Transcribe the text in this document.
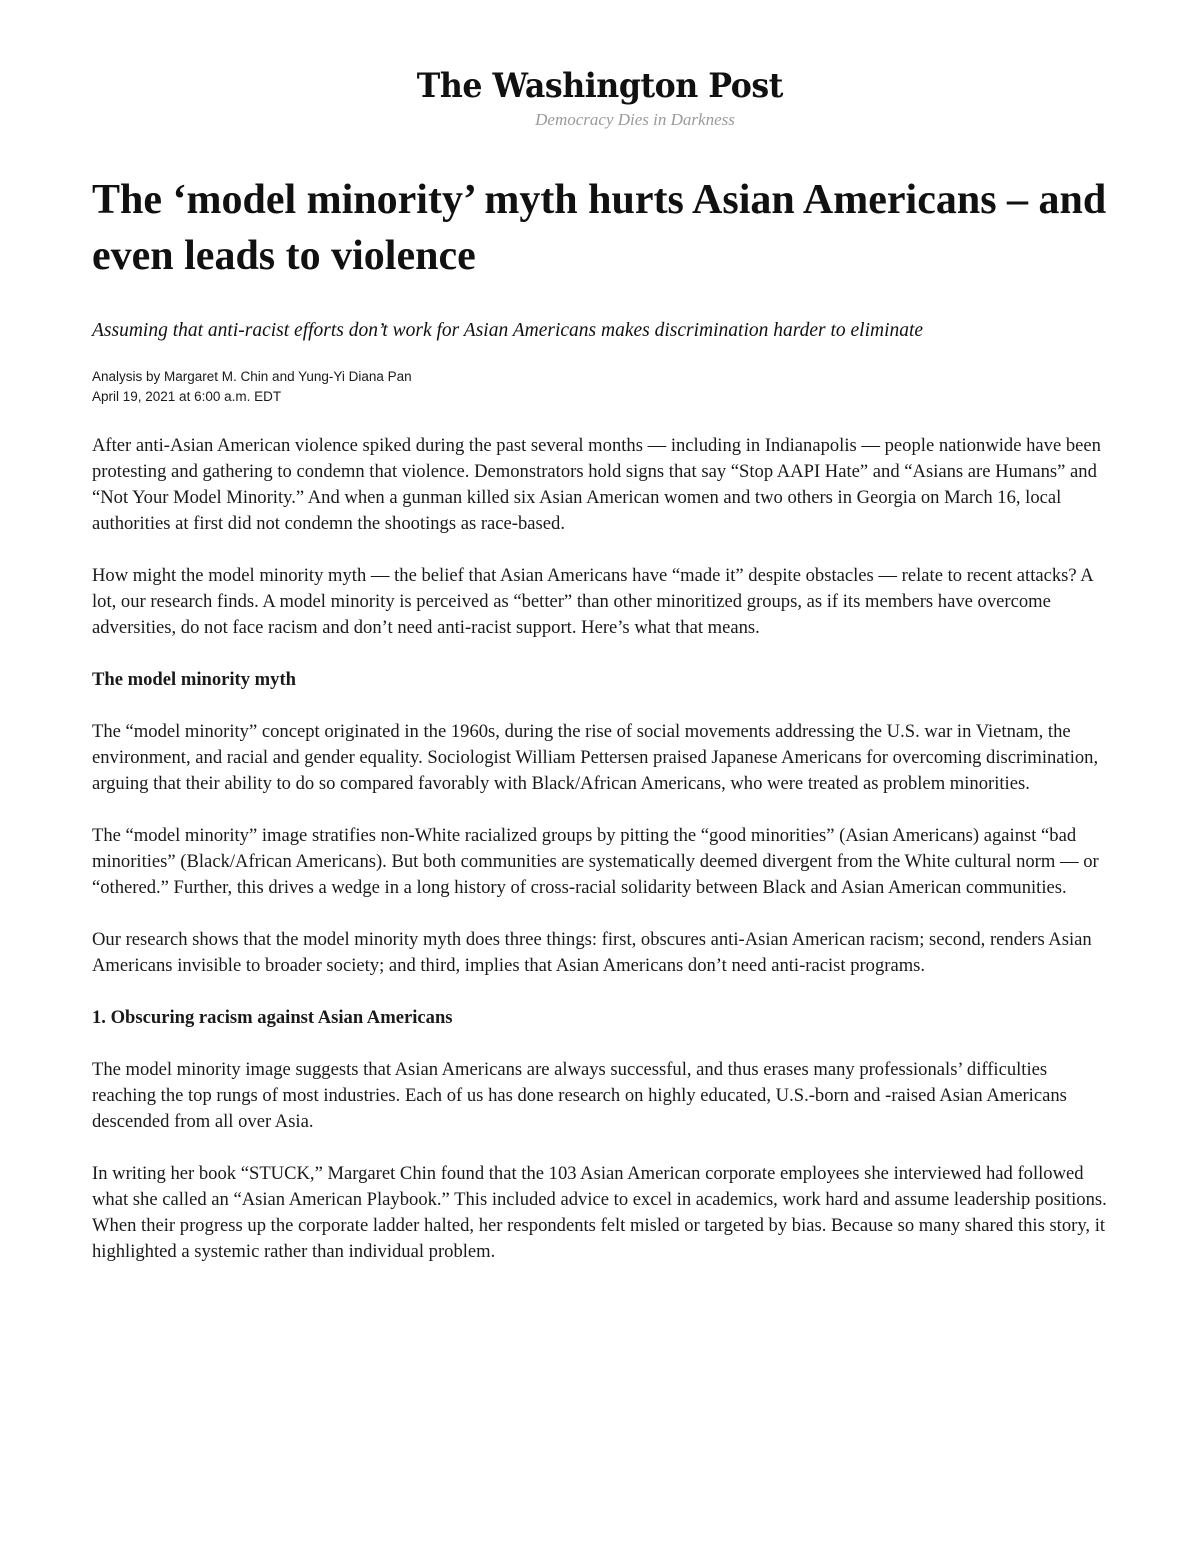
The Washington Post
Democracy Dies in Darkness
The ‘model minority’ myth hurts Asian Americans – and even leads to violence

Assuming that anti-racist efforts don’t work for Asian Americans makes discrimination harder to eliminate

Analysis by Margaret M. Chin and Yung-Yi Diana Pan
April 19, 2021 at 6:00 a.m. EDT

After anti-Asian American violence spiked during the past several months — including in Indianapolis — people nationwide have been protesting and gathering to condemn that violence. Demonstrators hold signs that say “Stop AAPI Hate” and “Asians are Humans” and “Not Your Model Minority.” And when a gunman killed six Asian American women and two others in Georgia on March 16, local authorities at first did not condemn the shootings as race-based.

How might the model minority myth — the belief that Asian Americans have “made it” despite obstacles — relate to recent attacks? A lot, our research finds. A model minority is perceived as “better” than other minoritized groups, as if its members have overcome adversities, do not face racism and don’t need anti-racist support. Here’s what that means.

The model minority myth

The “model minority” concept originated in the 1960s, during the rise of social movements addressing the U.S. war in Vietnam, the environment, and racial and gender equality. Sociologist William Pettersen praised Japanese Americans for overcoming discrimination, arguing that their ability to do so compared favorably with Black/African Americans, who were treated as problem minorities.

The “model minority” image stratifies non-White racialized groups by pitting the “good minorities” (Asian Americans) against “bad minorities” (Black/African Americans). But both communities are systematically deemed divergent from the White cultural norm — or “othered.” Further, this drives a wedge in a long history of cross-racial solidarity between Black and Asian American communities.

Our research shows that the model minority myth does three things: first, obscures anti-Asian American racism; second, renders Asian Americans invisible to broader society; and third, implies that Asian Americans don’t need anti-racist programs.

1. Obscuring racism against Asian Americans

The model minority image suggests that Asian Americans are always successful, and thus erases many professionals’ difficulties reaching the top rungs of most industries. Each of us has done research on highly educated, U.S.-born and -raised Asian Americans descended from all over Asia.

In writing her book “STUCK,” Margaret Chin found that the 103 Asian American corporate employees she interviewed had followed what she called an “Asian American Playbook.” This included advice to excel in academics, work hard and assume leadership positions. When their progress up the corporate ladder halted, her respondents felt misled or targeted by bias. Because so many shared this story, it highlighted a systemic rather than individual problem.
